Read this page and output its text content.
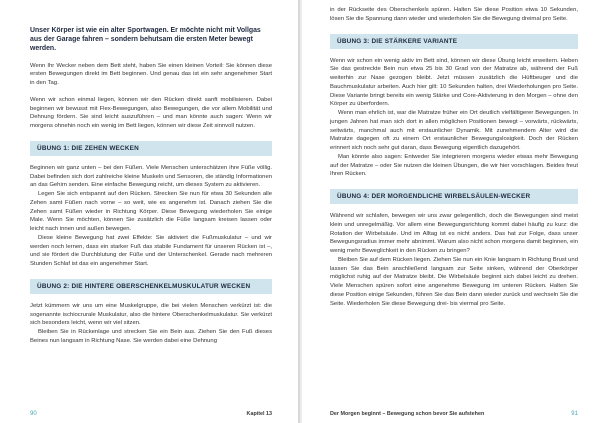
Unser Körper ist wie ein alter Sportwagen. Er möchte nicht mit Vollgas aus der Garage fahren – sondern behutsam die ersten Meter bewegt werden.

Wenn Ihr Wecker neben dem Bett steht, haben Sie einen kleinen Vorteil: Sie können diese ersten Bewegungen direkt im Bett beginnen. Und genau das ist ein sehr angenehmer Start in den Tag.

Wenn wir schon einmal liegen, können wir den Rücken direkt sanft mobilisieren. Dabei beginnen wir bewusst mit Flex-Bewegungen, also Bewegungen, die vor allem Mobilität und Dehnung fördern. Sie sind leicht auszuführen – und man könnte auch sagen: Wenn wir morgens ohnehin noch ein wenig im Bett liegen, können wir diese Zeit sinnvoll nutzen.

ÜBUNG 1: DIE ZEHEN WECKEN

Beginnen wir ganz unten – bei den Füßen. Viele Menschen unterschätzen ihre Füße völlig. Dabei befinden sich dort zahlreiche kleine Muskeln und Sensoren, die ständig Informationen an das Gehirn senden. Eine einfache Bewegung reicht, um dieses System zu aktivieren.

Legen Sie sich entspannt auf den Rücken. Strecken Sie nun für etwa 30 Sekunden alle Zehen samt Füßen nach vorne – so weit, wie es angenehm ist. Danach ziehen Sie die Zehen samt Füßen wieder in Richtung Körper. Diese Bewegung wiederholen Sie einige Male. Wenn Sie möchten, können Sie zusätzlich die Füße langsam kreisen lassen oder leicht nach innen und außen bewegen.

Diese kleine Bewegung hat zwei Effekte: Sie aktiviert die Fußmuskulatur – und wir werden noch lernen, dass ein starker Fuß das stabile Fundament für unseren Rücken ist –, und sie fördert die Durchblutung der Füße und der Unterschenkel. Gerade nach mehreren Stunden Schlaf ist das ein angenehmer Start.

ÜBUNG 2: DIE HINTERE OBERSCHENKELMUSKULATUR WECKEN

Jetzt kümmern wir uns um eine Muskelgruppe, die bei vielen Menschen verkürzt ist: die sogenannte ischiocrurale Muskulatur, also die hintere Oberschenkelmuskulatur. Sie verkürzt sich besonders leicht, wenn wir viel sitzen.

Bleiben Sie in Rückenlage und strecken Sie ein Bein aus. Ziehen Sie den Fuß dieses Beines nun langsam in Richtung Nase. Sie werden dabei eine Dehnung

90	Kapitel 13

in der Rückseite des Oberschenkels spüren. Halten Sie diese Position etwa 10 Sekunden, lösen Sie die Spannung dann wieder und wiederholen Sie die Bewegung dreimal pro Seite.

ÜBUNG 3: DIE STÄRKERE VARIANTE

Wenn wir schon ein wenig aktiv im Bett sind, können wir diese Übung leicht erweitern. Heben Sie das gestreckte Bein nun etwa 25 bis 30 Grad von der Matratze ab, während der Fuß weiterhin zur Nase gezogen bleibt. Jetzt müssen zusätzlich die Hüftbeuger und die Bauchmuskulatur arbeiten. Auch hier gilt: 10 Sekunden halten, drei Wiederholungen pro Seite. Diese Variante bringt bereits ein wenig Stärke und Core-Aktivierung in den Morgen – ohne den Körper zu überfordern.

Wenn man ehrlich ist, war die Matratze früher ein Ort deutlich vielfältigerer Bewegungen. In jungen Jahren hat man sich dort in allen möglichen Positionen bewegt – vorwärts, rückwärts, seitwärts, manchmal auch mit erstaunlicher Dynamik. Mit zunehmendem Alter wird die Matratze dagegen oft zu einem Ort erstaunlicher Bewegungslosigkeit. Doch der Rücken erinnert sich noch sehr gut daran, dass Bewegung eigentlich dazugehört.

Man könnte also sagen: Entweder Sie integrieren morgens wieder etwas mehr Bewegung auf der Matratze – oder Sie nutzen die kleinen Übungen, die wir hier vorschlagen. Beides freut Ihren Rücken.

ÜBUNG 4: DER MORGENDLICHE WIRBELSÄULEN-WECKER

Während wir schlafen, bewegen wir uns zwar gelegentlich, doch die Bewegungen sind meist klein und unregelmäßig. Vor allem eine Bewegungsrichtung kommt dabei häufig zu kurz: die Rotation der Wirbelsäule. Und im Alltag ist es nicht anders. Das hat zur Folge, dass unser Bewegungsradius immer mehr abnimmt. Warum also nicht schon morgens damit beginnen, ein wenig mehr Beweglichkeit in den Rücken zu bringen?

Bleiben Sie auf dem Rücken liegen. Ziehen Sie nun ein Knie langsam in Richtung Brust und lassen Sie das Bein anschließend langsam zur Seite sinken, während der Oberkörper möglichst ruhig auf der Matratze bleibt. Die Wirbelsäule beginnt sich dabei leicht zu drehen. Viele Menschen spüren sofort eine angenehme Bewegung im unteren Rücken. Halten Sie diese Position einige Sekunden, führen Sie das Bein dann wieder zurück und wechseln Sie die Seite. Wiederholen Sie diese Bewegung drei- bis viermal pro Seite.

Der Morgen beginnt – Bewegung schon bevor Sie aufstehen	91
